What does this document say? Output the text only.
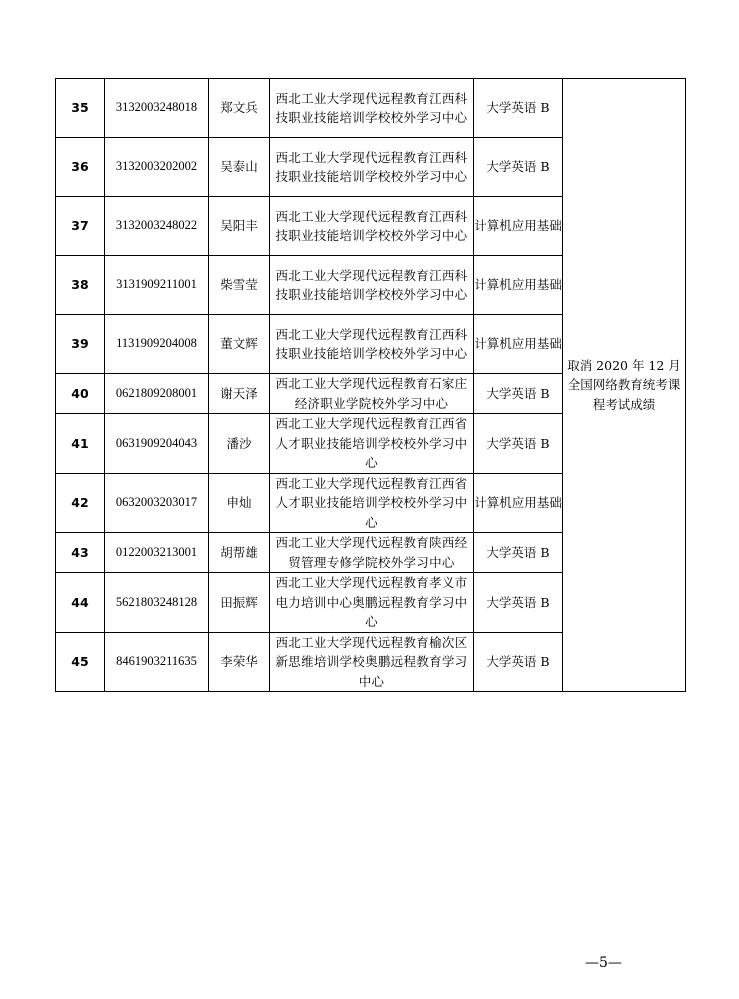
35	3132003248018	郑文兵	西北工业大学现代远程教育江西科技职业技能培训学校校外学习中心	大学英语 B	取消 2020 年 12 月全国网络教育统考课程考试成绩
36	3132003202002	吴泰山	西北工业大学现代远程教育江西科技职业技能培训学校校外学习中心	大学英语 B	
37	3132003248022	吴阳丰	西北工业大学现代远程教育江西科技职业技能培训学校校外学习中心	计算机应用基础	
38	3131909211001	柴雪莹	西北工业大学现代远程教育江西科技职业技能培训学校校外学习中心	计算机应用基础	
39	1131909204008	董文辉	西北工业大学现代远程教育江西科技职业技能培训学校校外学习中心	计算机应用基础	
40	0621809208001	谢天泽	西北工业大学现代远程教育石家庄经济职业学院校外学习中心	大学英语 B	
41	0631909204043	潘沙	西北工业大学现代远程教育江西省人才职业技能培训学校校外学习中心	大学英语 B	
42	0632003203017	申灿	西北工业大学现代远程教育江西省人才职业技能培训学校校外学习中心	计算机应用基础	
43	0122003213001	胡帮雄	西北工业大学现代远程教育陕西经贸管理专修学院校外学习中心	大学英语 B	
44	5621803248128	田振辉	西北工业大学现代远程教育孝义市电力培训中心奥鹏远程教育学习中心	大学英语 B	
45	8461903211635	李荣华	西北工业大学现代远程教育榆次区新思维培训学校奥鹏远程教育学习中心	大学英语 B	
—5—
